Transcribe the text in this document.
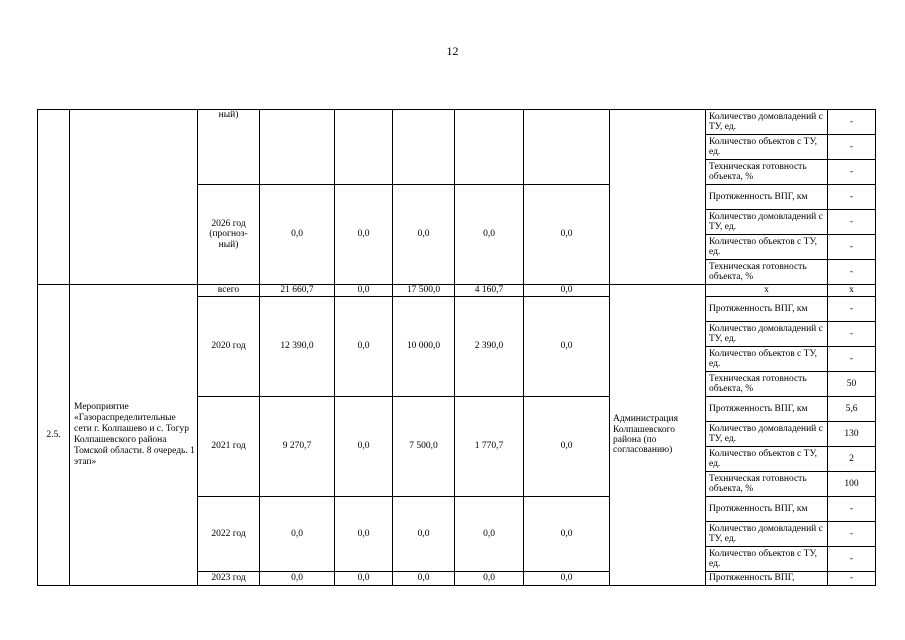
12
		ный)							Количество домовладений с ТУ, ед.	-
									Количество объектов с ТУ, ед.	-
									Техническая готовность объекта, %	-
		2026 год (прогноз-ный)	0,0	0,0	0,0	0,0	0,0		Протяженность ВПГ, км	-
									Количество домовладений с ТУ, ед.	-
									Количество объектов с ТУ, ед.	-
									Техническая готовность объекта, %	-
2.5.	Мероприятие «Газораспределительные сети г. Колпашево и с. Тогур Колпашевского района Томской области. 8 очередь. 1 этап»	всего	21 660,7	0,0	17 500,0	4 160,7	0,0	Администрация Колпашевского района (по согласованию)	х	х
		2020 год	12 390,0	0,0	10 000,0	2 390,0	0,0		Протяженность ВПГ, км	-
									Количество домовладений с ТУ, ед.	-
									Количество объектов с ТУ, ед.	-
									Техническая готовность объекта, %	50
		2021 год	9 270,7	0,0	7 500,0	1 770,7	0,0		Протяженность ВПГ, км	5,6
									Количество домовладений с ТУ, ед.	130
									Количество объектов с ТУ, ед.	2
									Техническая готовность объекта, %	100
		2022 год	0,0	0,0	0,0	0,0	0,0		Протяженность ВПГ, км	-
									Количество домовладений с ТУ, ед.	-
									Количество объектов с ТУ, ед.	-
		2023 год	0,0	0,0	0,0	0,0	0,0		Протяженность ВПГ,	-
